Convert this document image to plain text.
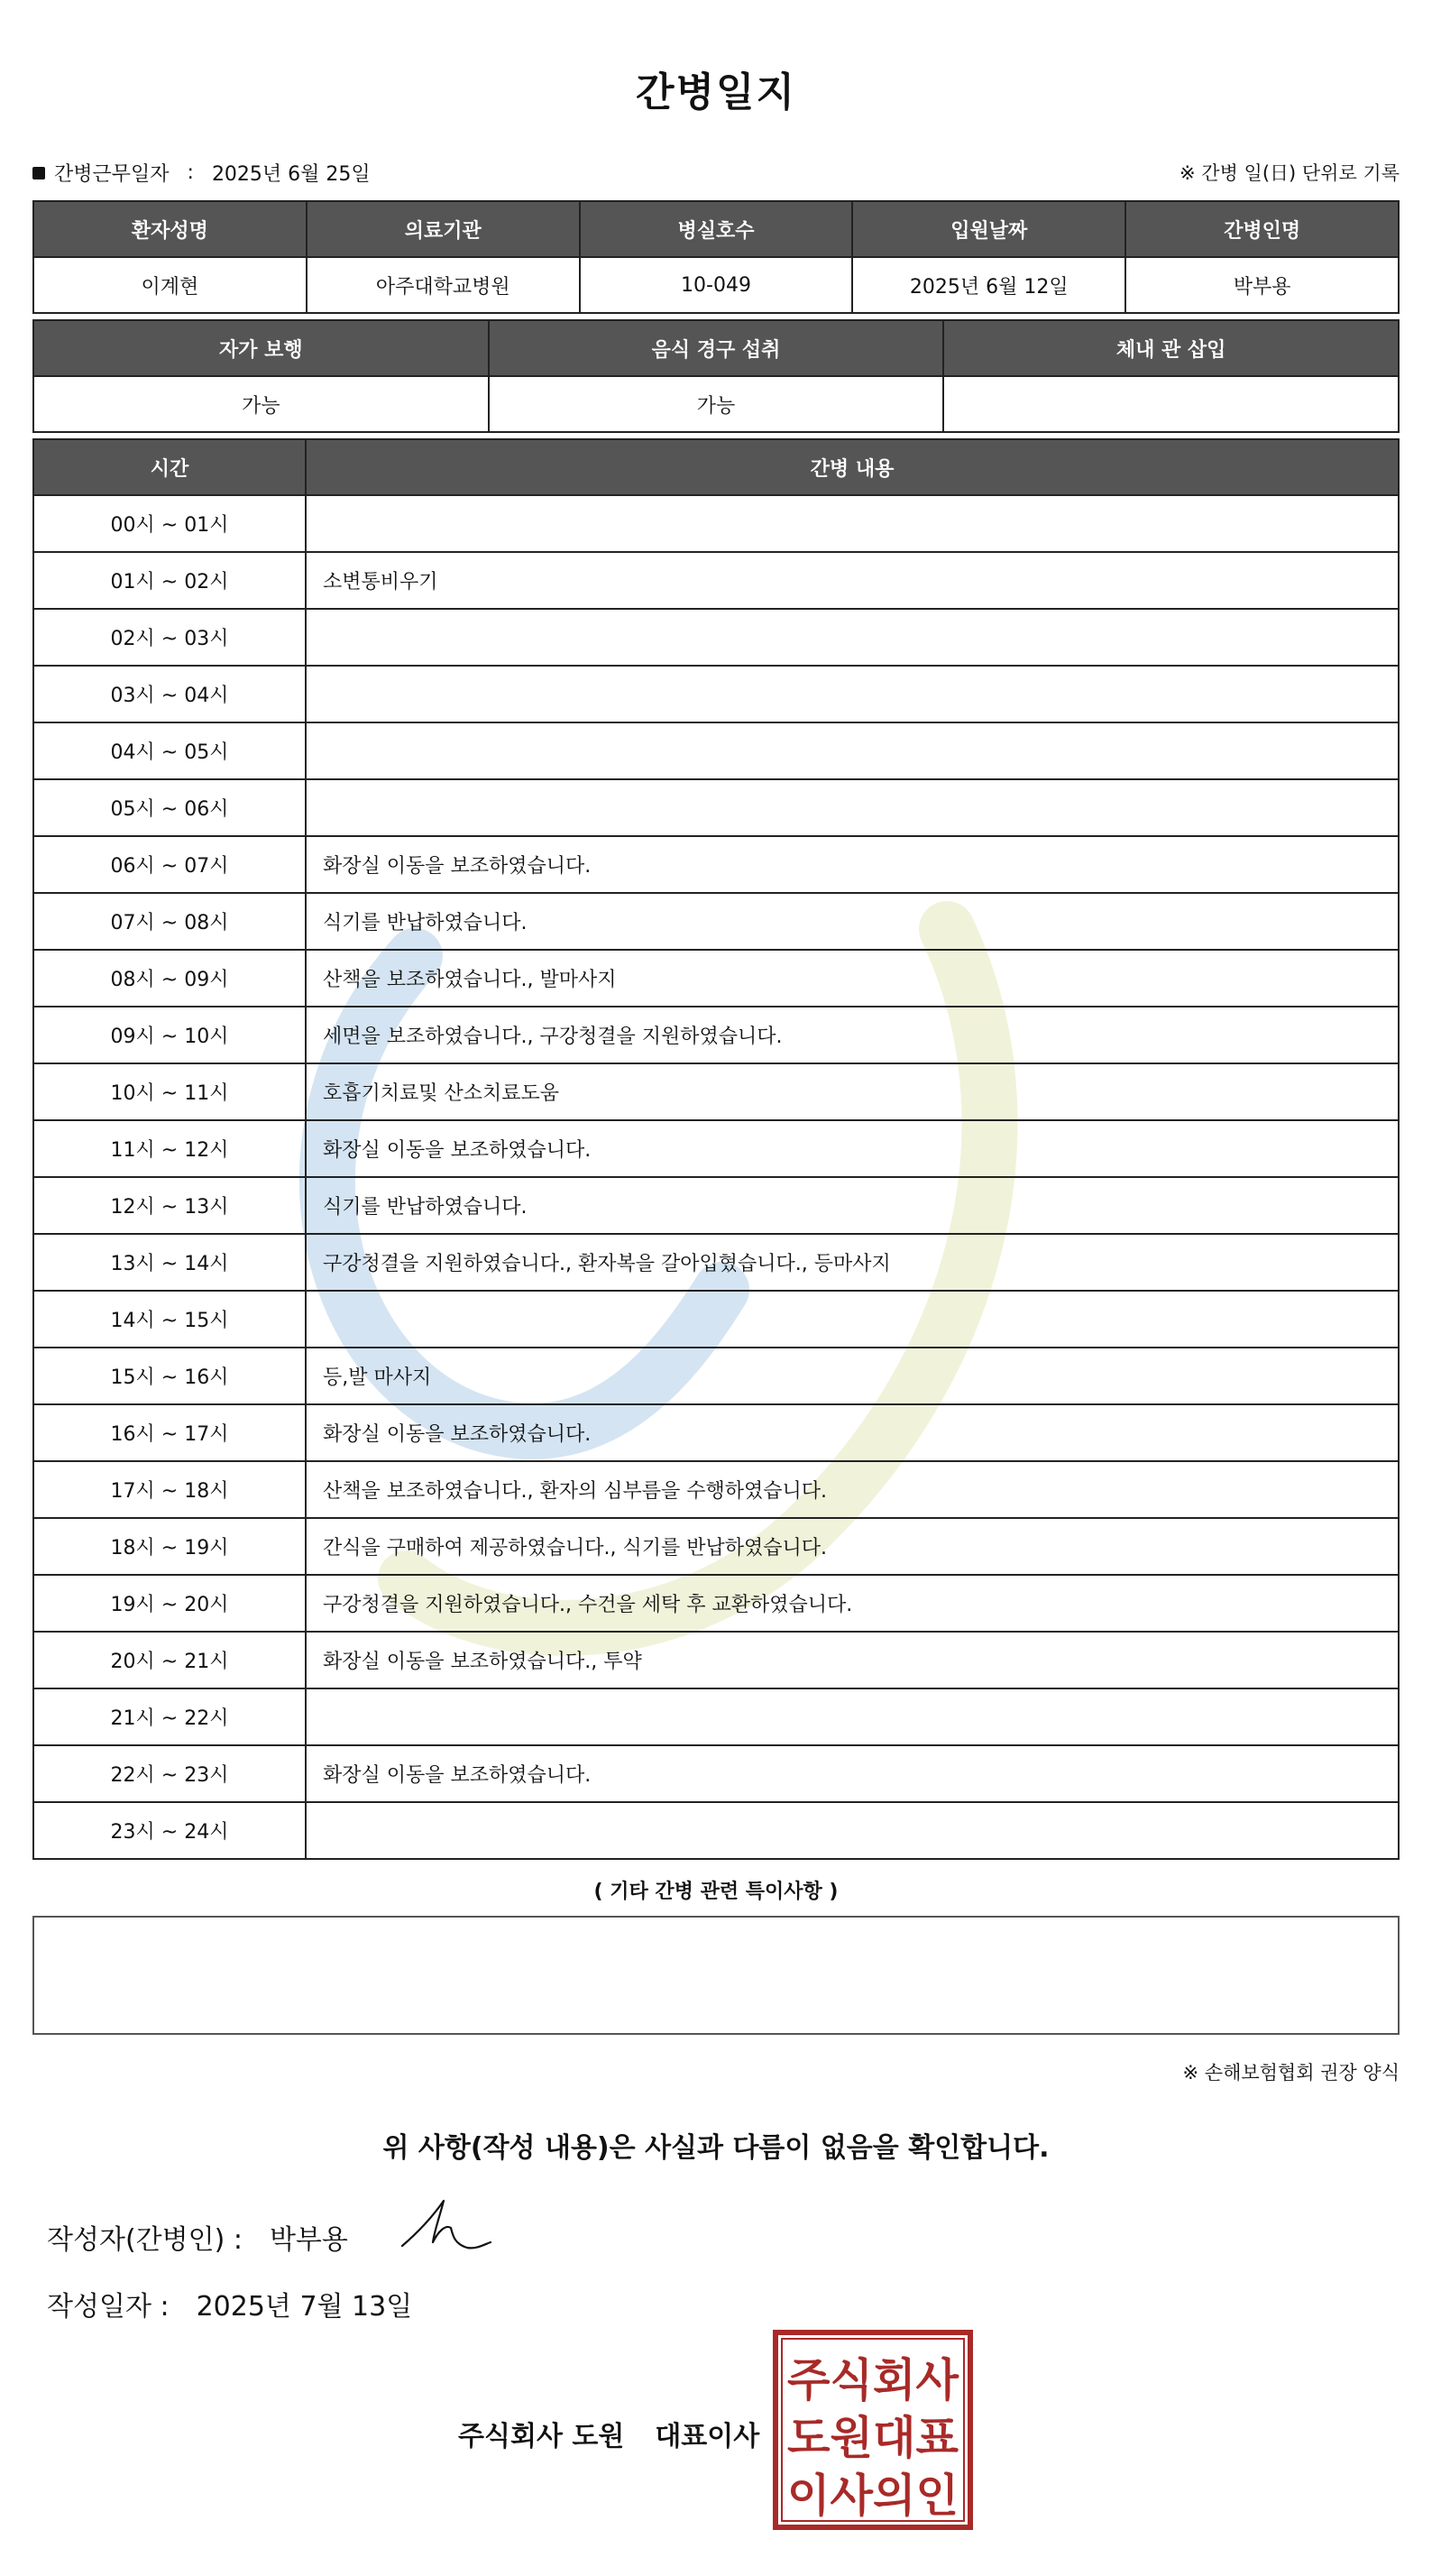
간병일지
간병근무일자 : 2025년 6월 25일	※ 간병 일(日) 단위로 기록
환자성명	의료기관	병실호수	입원날짜	간병인명
이계현	아주대학교병원	10-049	2025년 6월 12일	박부용
자가 보행	음식 경구 섭취	체내 관 삽입
가능	가능	
시간	간병 내용
00시 ~ 01시	
01시 ~ 02시	소변통비우기
02시 ~ 03시	
03시 ~ 04시	
04시 ~ 05시	
05시 ~ 06시	
06시 ~ 07시	화장실 이동을 보조하였습니다.
07시 ~ 08시	식기를 반납하였습니다.
08시 ~ 09시	산책을 보조하였습니다., 발마사지
09시 ~ 10시	세면을 보조하였습니다., 구강청결을 지원하였습니다.
10시 ~ 11시	호흡기치료및 산소치료도움
11시 ~ 12시	화장실 이동을 보조하였습니다.
12시 ~ 13시	식기를 반납하였습니다.
13시 ~ 14시	구강청결을 지원하였습니다., 환자복을 갈아입혔습니다., 등마사지
14시 ~ 15시	
15시 ~ 16시	등,발 마사지
16시 ~ 17시	화장실 이동을 보조하였습니다.
17시 ~ 18시	산책을 보조하였습니다., 환자의 심부름을 수행하였습니다.
18시 ~ 19시	간식을 구매하여 제공하였습니다., 식기를 반납하였습니다.
19시 ~ 20시	구강청결을 지원하였습니다., 수건을 세탁 후 교환하였습니다.
20시 ~ 21시	화장실 이동을 보조하였습니다., 투약
21시 ~ 22시	
22시 ~ 23시	화장실 이동을 보조하였습니다.
23시 ~ 24시	
( 기타 간병 관련 특이사항 )
※ 손해보험협회 권장 양식
위 사항(작성 내용)은 사실과 다름이 없음을 확인합니다.
작성자(간병인) : 박부용
작성일자 : 2025년 7월 13일
주식회사 도원 대표이사
주식회사
도원대표
이사의인
